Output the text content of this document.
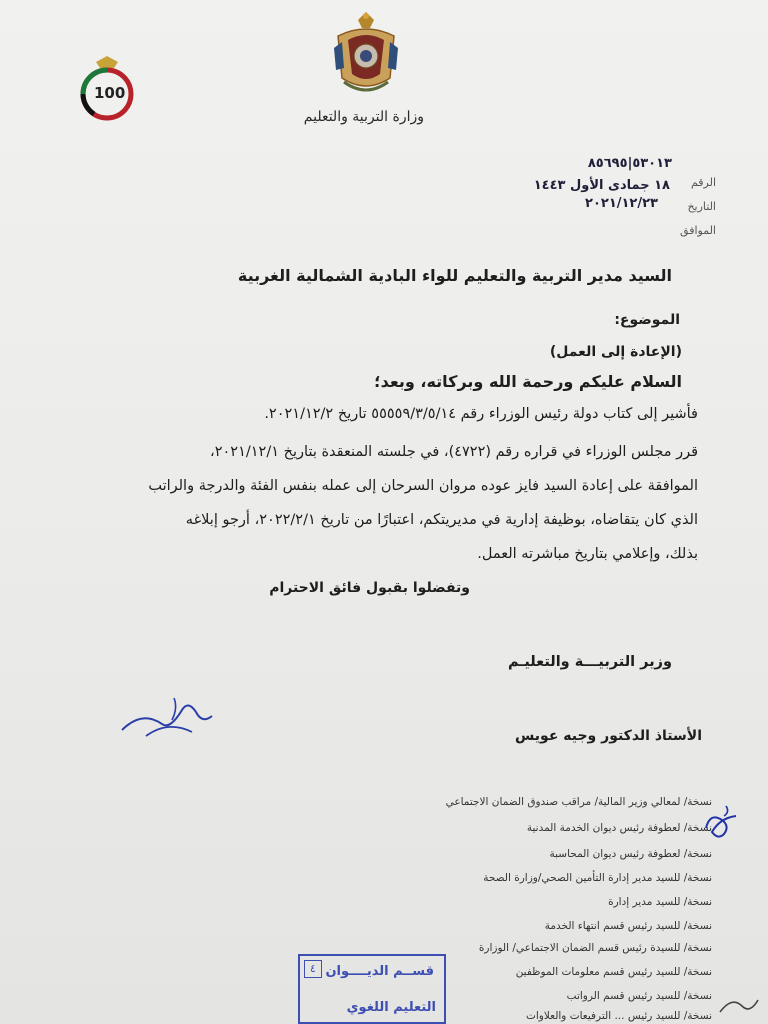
وزارة التربية والتعليم
100
الرقم
٥٣٠١٣|٨٥٦٩٥
١٨ جمادى الأول ١٤٤٣
التاريخ
٢٠٢١/١٢/٢٣
الموافق
السيد مدير التربية والتعليم للواء البادية الشمالية الغربية
الموضوع:
(الإعادة إلى العمل)
السلام عليكم ورحمة الله وبركاته، وبعد؛
فأشير إلى كتاب دولة رئيس الوزراء رقم ٥٥٥٥٩/٣/٥/١٤ تاريخ ٢٠٢١/١٢/٢.
قرر مجلس الوزراء في قراره رقم (٤٧٢٢)، في جلسته المنعقدة بتاريخ ٢٠٢١/١٢/١،
الموافقة على إعادة السيد فايز عوده مروان السرحان إلى عمله بنفس الفئة والدرجة والراتب
الذي كان يتقاضاه، بوظيفة إدارية في مديريتكم، اعتبارًا من تاريخ ٢٠٢٢/٢/١، أرجو إبلاغه
بذلك، وإعلامي بتاريخ مباشرته العمل.
وتفضلوا بقبول فائق الاحترام
وزير التربيـــة والتعليـم
الأستاذ الدكتور وجيه عويس
نسخة/ لمعالي وزير المالية/ مراقب صندوق الضمان الاجتماعي
نسخة/ لعطوفة رئيس ديوان الخدمة المدنية
نسخة/ لعطوفة رئيس ديوان المحاسبة
نسخة/ للسيد مدير إدارة التأمين الصحي/وزارة الصحة
نسخة/ للسيد مدير إدارة
نسخة/ للسيد رئيس قسم انتهاء الخدمة
نسخة/ للسيدة رئيس قسم الضمان الاجتماعي/ الوزارة
نسخة/ للسيد رئيس قسم معلومات الموظفين
نسخة/ للسيد رئيس قسم الرواتب
نسخة/ للسيد رئيس ... الترفيعات والعلاوات
٤ قســم الديــــوان
التعليم اللغوي
